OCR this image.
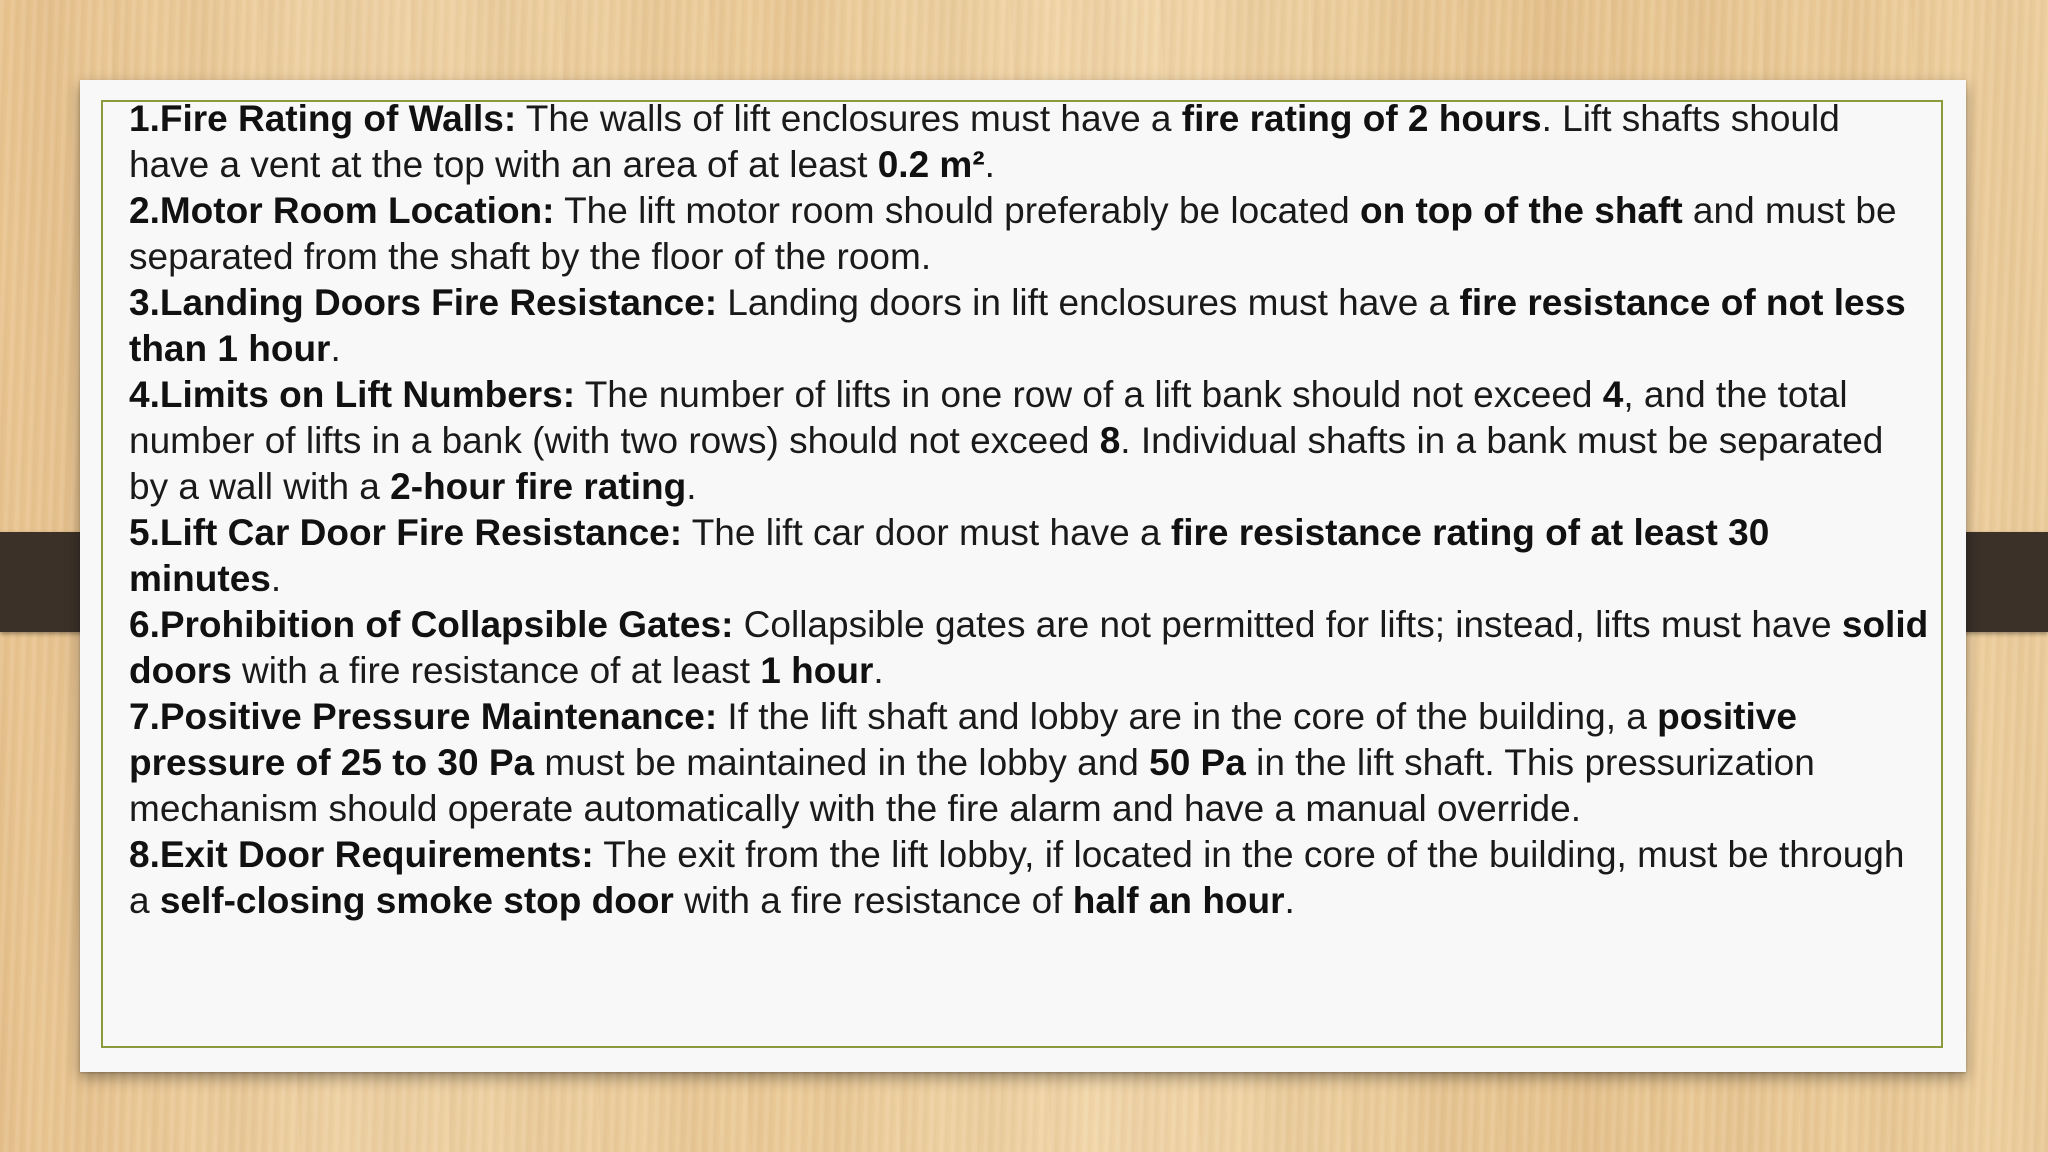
1.Fire Rating of Walls: The walls of lift enclosures must have a fire rating of 2 hours. Lift shafts should have a vent at the top with an area of at least 0.2 m².

2.Motor Room Location: The lift motor room should preferably be located on top of the shaft and must be separated from the shaft by the floor of the room.

3.Landing Doors Fire Resistance: Landing doors in lift enclosures must have a fire resistance of not less than 1 hour.

4.Limits on Lift Numbers: The number of lifts in one row of a lift bank should not exceed 4, and the total number of lifts in a bank (with two rows) should not exceed 8. Individual shafts in a bank must be separated by a wall with a 2-hour fire rating.

5.Lift Car Door Fire Resistance: The lift car door must have a fire resistance rating of at least 30 minutes.

6.Prohibition of Collapsible Gates: Collapsible gates are not permitted for lifts; instead, lifts must have solid doors with a fire resistance of at least 1 hour.

7.Positive Pressure Maintenance: If the lift shaft and lobby are in the core of the building, a positive pressure of 25 to 30 Pa must be maintained in the lobby and 50 Pa in the lift shaft. This pressurization mechanism should operate automatically with the fire alarm and have a manual override.

8.Exit Door Requirements: The exit from the lift lobby, if located in the core of the building, must be through a self-closing smoke stop door with a fire resistance of half an hour.
